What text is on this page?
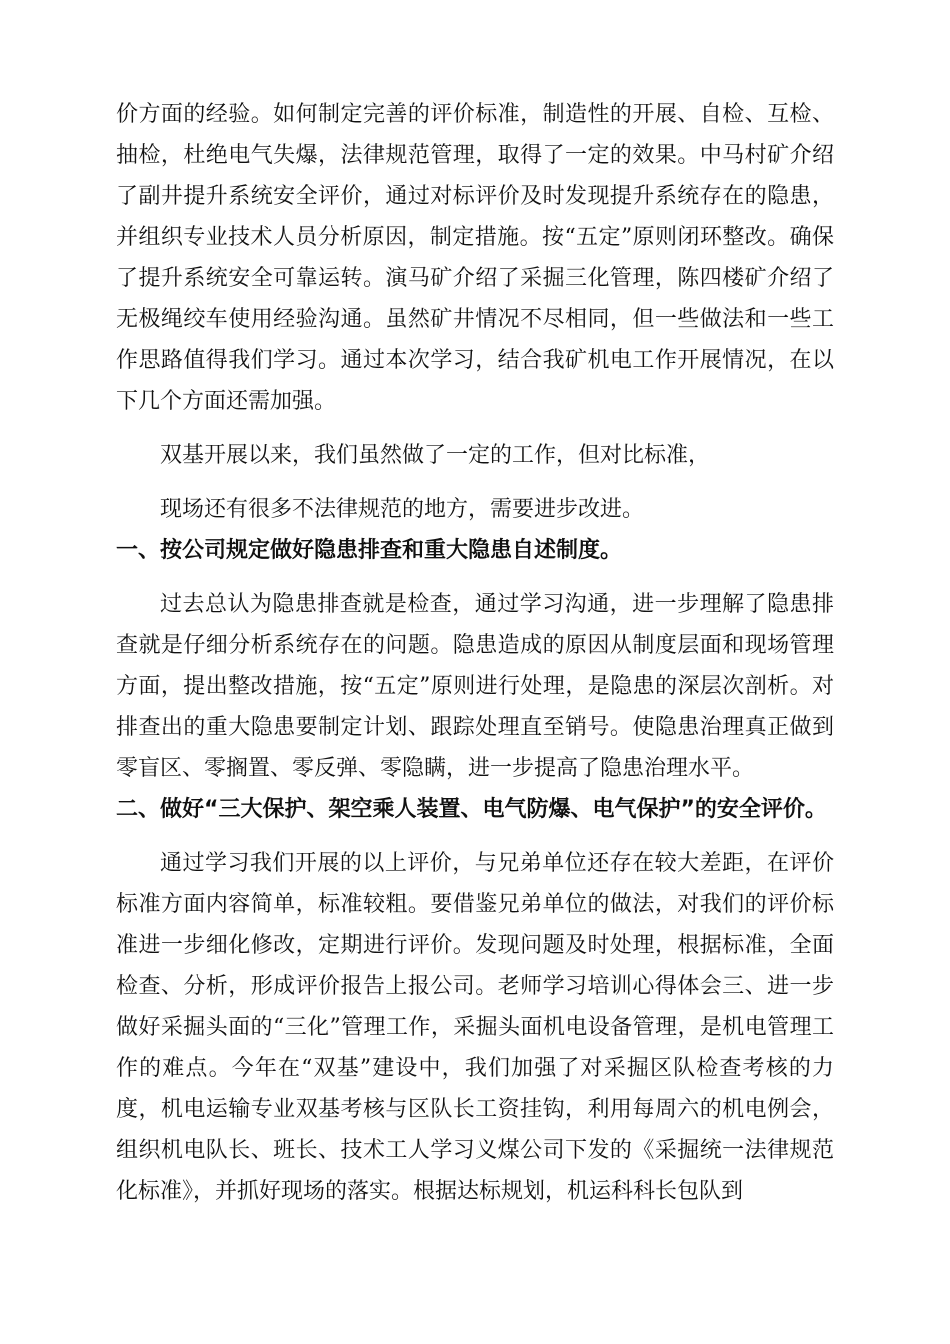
价方面的经验。如何制定完善的评价标准，制造性的开展、自检、互检、抽检，杜绝电气失爆，法律规范管理，取得了一定的效果。中马村矿介绍了副井提升系统安全评价，通过对标评价及时发现提升系统存在的隐患，并组织专业技术人员分析原因，制定措施。按“五定”原则闭环整改。确保了提升系统安全可靠运转。演马矿介绍了采掘三化管理，陈四楼矿介绍了无极绳绞车使用经验沟通。虽然矿井情况不尽相同，但一些做法和一些工作思路值得我们学习。通过本次学习，结合我矿机电工作开展情况，在以下几个方面还需加强。

双基开展以来，我们虽然做了一定的工作，但对比标准，

现场还有很多不法律规范的地方，需要进步改进。

一、按公司规定做好隐患排查和重大隐患自述制度。

过去总认为隐患排查就是检查，通过学习沟通，进一步理解了隐患排查就是仔细分析系统存在的问题。隐患造成的原因从制度层面和现场管理方面，提出整改措施，按“五定”原则进行处理，是隐患的深层次剖析。对排查出的重大隐患要制定计划、跟踪处理直至销号。使隐患治理真正做到零盲区、零搁置、零反弹、零隐瞒，进一步提高了隐患治理水平。

二、做好“三大保护、架空乘人装置、电气防爆、电气保护”的安全评价。

通过学习我们开展的以上评价，与兄弟单位还存在较大差距，在评价标准方面内容简单，标准较粗。要借鉴兄弟单位的做法，对我们的评价标准进一步细化修改，定期进行评价。发现问题及时处理，根据标准，全面检查、分析，形成评价报告上报公司。老师学习培训心得体会三、进一步做好采掘头面的“三化”管理工作，采掘头面机电设备管理，是机电管理工作的难点。今年在“双基”建设中，我们加强了对采掘区队检查考核的力度，机电运输专业双基考核与区队长工资挂钩，利用每周六的机电例会，组织机电队长、班长、技术工人学习义煤公司下发的《采掘统一法律规范化标准》，并抓好现场的落实。根据达标规划，机运科科长包队到
